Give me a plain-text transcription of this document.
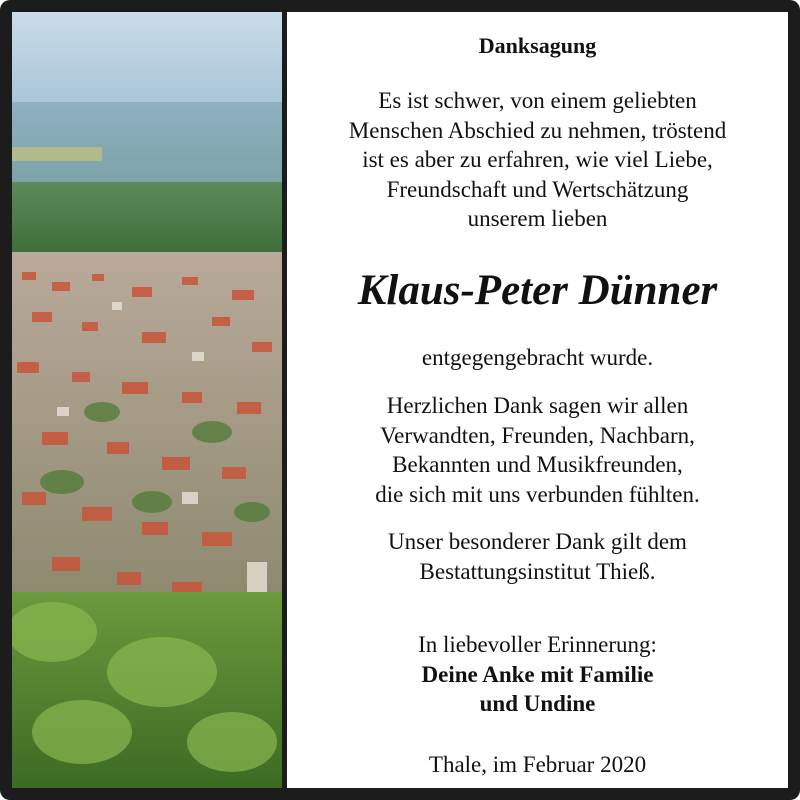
Danksagung
Es ist schwer, von einem geliebten
Menschen Abschied zu nehmen, tröstend
ist es aber zu erfahren, wie viel Liebe,
Freundschaft und Wertschätzung
unserem lieben
Klaus-Peter Dünner
entgegengebracht wurde.
Herzlichen Dank sagen wir allen
Verwandten, Freunden, Nachbarn,
Bekannten und Musikfreunden,
die sich mit uns verbunden fühlten.
Unser besonderer Dank gilt dem
Bestattungsinstitut Thieß.
In liebevoller Erinnerung:
Deine Anke mit Familie
und Undine
Thale, im Februar 2020
